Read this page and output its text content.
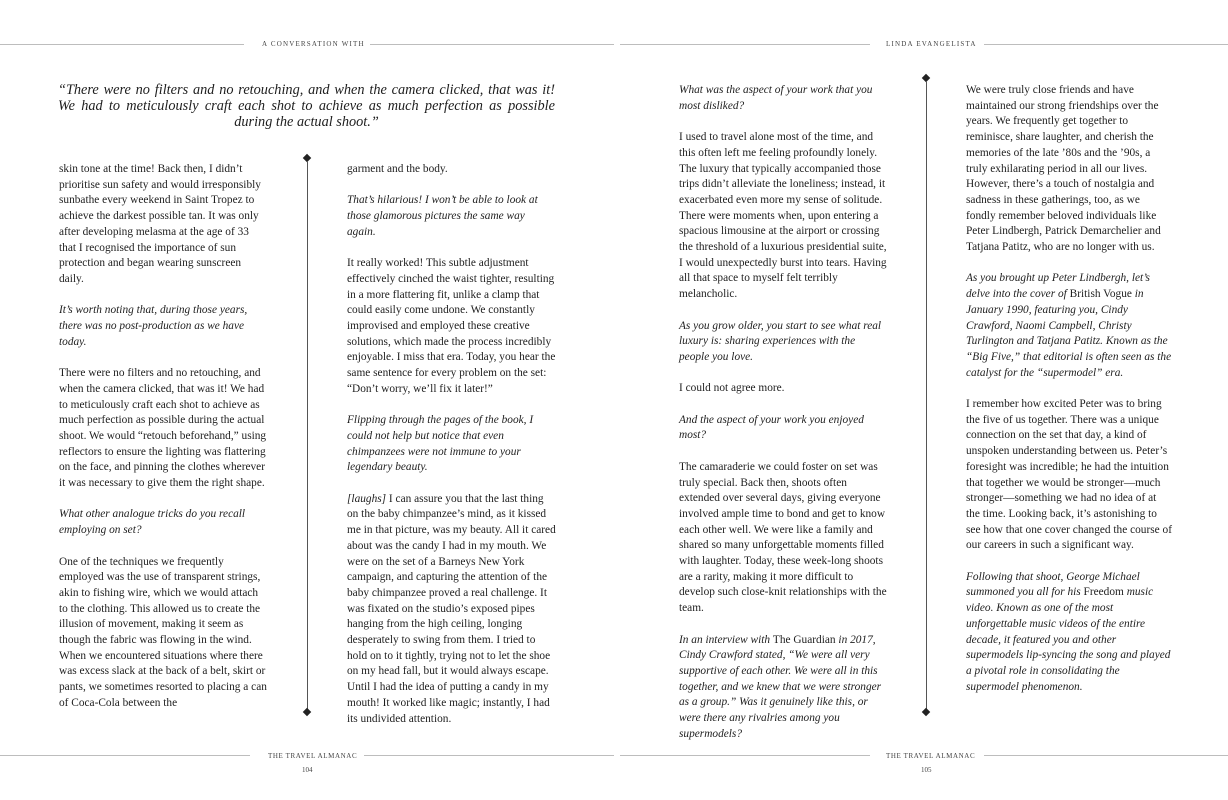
A CONVERSATION WITH
“There were no filters and no retouching, and when the camera clicked, that was it! We had to meticulously craft each shot to achieve as much perfection as possible during the actual shoot.”

skin tone at the time! Back then, I didn’t prioritise sun safety and would irresponsibly sunbathe every weekend in Saint Tropez to achieve the darkest possible tan. It was only after developing melasma at the age of 33 that I recognised the importance of sun protection and began wearing sunscreen daily.

It’s worth noting that, during those years, there was no post-production as we have today.

There were no filters and no retouching, and when the camera clicked, that was it! We had to meticulously craft each shot to achieve as much perfection as possible during the actual shoot. We would “retouch beforehand,” using reflectors to ensure the lighting was flattering on the face, and pinning the clothes wherever it was necessary to give them the right shape.

What other analogue tricks do you recall employing on set?

One of the techniques we frequently employed was the use of transparent strings, akin to fishing wire, which we would attach to the clothing. This allowed us to create the illusion of movement, making it seem as though the fabric was flowing in the wind. When we encountered situations where there was excess slack at the back of a belt, skirt or pants, we sometimes resorted to placing a can of Coca-Cola between the

garment and the body.

That’s hilarious! I won’t be able to look at those glamorous pictures the same way again.

It really worked! This subtle adjustment effectively cinched the waist tighter, resulting in a more flattering fit, unlike a clamp that could easily come undone. We constantly improvised and employed these creative solutions, which made the process incredibly enjoyable. I miss that era. Today, you hear the same sentence for every problem on the set: “Don’t worry, we’ll fix it later!”

Flipping through the pages of the book, I could not help but notice that even chimpanzees were not immune to your legendary beauty.

[laughs] I can assure you that the last thing on the baby chimpanzee’s mind, as it kissed me in that picture, was my beauty. All it cared about was the candy I had in my mouth. We were on the set of a Barneys New York campaign, and capturing the attention of the baby chimpanzee proved a real challenge. It was fixated on the studio’s exposed pipes hanging from the high ceiling, longing desperately to swing from them. I tried to hold on to it tightly, trying not to let the shoe on my head fall, but it would always escape. Until I had the idea of putting a candy in my mouth! It worked like magic; instantly, I had its undivided attention.

THE TRAVEL ALMANAC
104
LINDA EVANGELISTA

What was the aspect of your work that you most disliked?

I used to travel alone most of the time, and this often left me feeling profoundly lonely. The luxury that typically accompanied those trips didn’t alleviate the loneliness; instead, it exacerbated even more my sense of solitude. There were moments when, upon entering a spacious limousine at the airport or crossing the threshold of a luxurious presidential suite, I would unexpectedly burst into tears. Having all that space to myself felt terribly melancholic.

As you grow older, you start to see what real luxury is: sharing experiences with the people you love.

I could not agree more.

And the aspect of your work you enjoyed most?

The camaraderie we could foster on set was truly special. Back then, shoots often extended over several days, giving everyone involved ample time to bond and get to know each other well. We were like a family and shared so many unforgettable moments filled with laughter. Today, these week-long shoots are a rarity, making it more difficult to develop such close-knit relationships with the team.

In an interview with The Guardian in 2017, Cindy Crawford stated, “We were all very supportive of each other. We were all in this together, and we knew that we were stronger as a group.” Was it genuinely like this, or were there any rivalries among you supermodels?

We were truly close friends and have maintained our strong friendships over the years. We frequently get together to reminisce, share laughter, and cherish the memories of the late ’80s and the ’90s, a truly exhilarating period in all our lives. However, there’s a touch of nostalgia and sadness in these gatherings, too, as we fondly remember beloved individuals like Peter Lindbergh, Patrick Demarchelier and Tatjana Patitz, who are no longer with us.

As you brought up Peter Lindbergh, let’s delve into the cover of British Vogue in January 1990, featuring you, Cindy Crawford, Naomi Campbell, Christy Turlington and Tatjana Patitz. Known as the “Big Five,” that editorial is often seen as the catalyst for the “supermodel” era.

I remember how excited Peter was to bring the five of us together. There was a unique connection on the set that day, a kind of unspoken understanding between us. Peter’s foresight was incredible; he had the intuition that together we would be stronger—much stronger—something we had no idea of at the time. Looking back, it’s astonishing to see how that one cover changed the course of our careers in such a significant way.

Following that shoot, George Michael summoned you all for his Freedom music video. Known as one of the most unforgettable music videos of the entire decade, it featured you and other supermodels lip-syncing the song and played a pivotal role in consolidating the supermodel phenomenon.

THE TRAVEL ALMANAC
105
